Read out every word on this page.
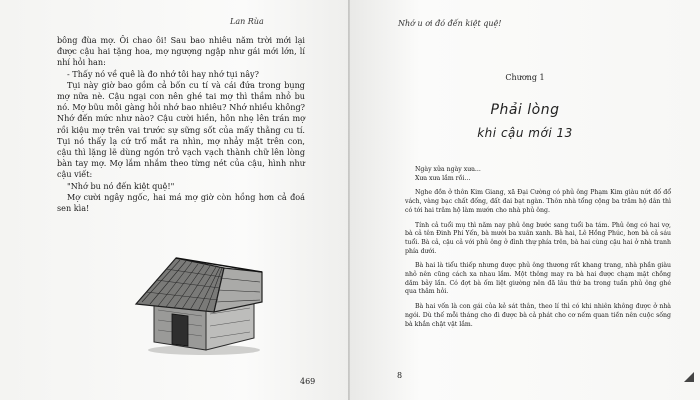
Lan Rùa

bông đùa mợ. Ôi chao ôi! Sau bao nhiêu năm trời mới lại được cậu hai tặng hoa, mợ ngượng ngập như gái mới lớn, lí nhí hỏi han:

- Thấy nó về quê là đo nhớ tôi hay nhớ tụi nây?

Tụi này giờ bao gồm cả bốn cu tí và cái đứa trong bụng mợ nữa nè. Cậu ngại con nên ghé tai mợ thì thầm nhỏ bu nó. Mợ bũu môi gàng hỏi nhớ bao nhiêu? Nhớ nhiều không? Nhớ đến mức như nào? Cậu cười hiền, hôn nhẹ lên trán mợ rồi kiệu mợ trên vai trước sự sững sốt của mấy thằng cu tí. Tụi nó thấy lạ cứ trố mắt ra nhìn, mợ nhảy mặt trên con, cậu thì lặng lẽ dùng ngón trỏ vạch vạch thành chữ lên lòng bàn tay mợ. Mợ lắm nhắm theo từng nét của cậu, hình như cậu viết:

"Nhớ bu nó đến kiệt quệ!"

Mợ cười ngây ngốc, hai má mợ giờ còn hồng hơn cả đoá sen kìa!

469
Nhớ u ơi đó đến kiệt quệ!
Chương 1
Phải lòng
khi cậu mới 13

Ngày xửa ngày xưa...

Xưa xưa lắm rồi...

Nghe đồn ở thôn Kim Giang, xã Đại Cường có phủ ông Phạm Kim giàu nứt đố đổ vách, vàng bạc chất đống, đất đai bạt ngàn. Thôn nhà tổng cộng ba trăm hộ dân thì có tới hai trăm hộ làm mướn cho nhà phủ ông.

Tính cả tuổi mụ thì năm nay phủ ông bước sang tuổi ba tám. Phủ ông có hai vợ, bà cả tên Đinh Phi Yến, bà mười ba xuân xanh. Bà hai, Lê Hồng Phúc, hơn bà cả sáu tuổi. Bà cả, cậu cả với phủ ông ở đình thự phía trên, bà hai cùng cậu hai ở nhà tranh phía dưới.

Bà hai là tiểu thiếp nhưng được phủ ông thương rất khang trang, nhà phần giàu nhỏ nên cũng cách xa nhau lắm. Một thông may ra bà hai được chạm mặt chồng dăm bảy lần. Có đợt bà ốm liệt giường nên đã lâu thứ ba trong tuần phủ ông ghé qua thăm hỏi.

Bà hai vốn là con gái của kẻ sát thân, theo lí thì có khi nhiên không được ở nhà ngói. Dù thế mỗi tháng cho đi được bà cả phát cho cơ nếm quan tiền nên cuộc sống bà khắn chật vật lắm.

8
